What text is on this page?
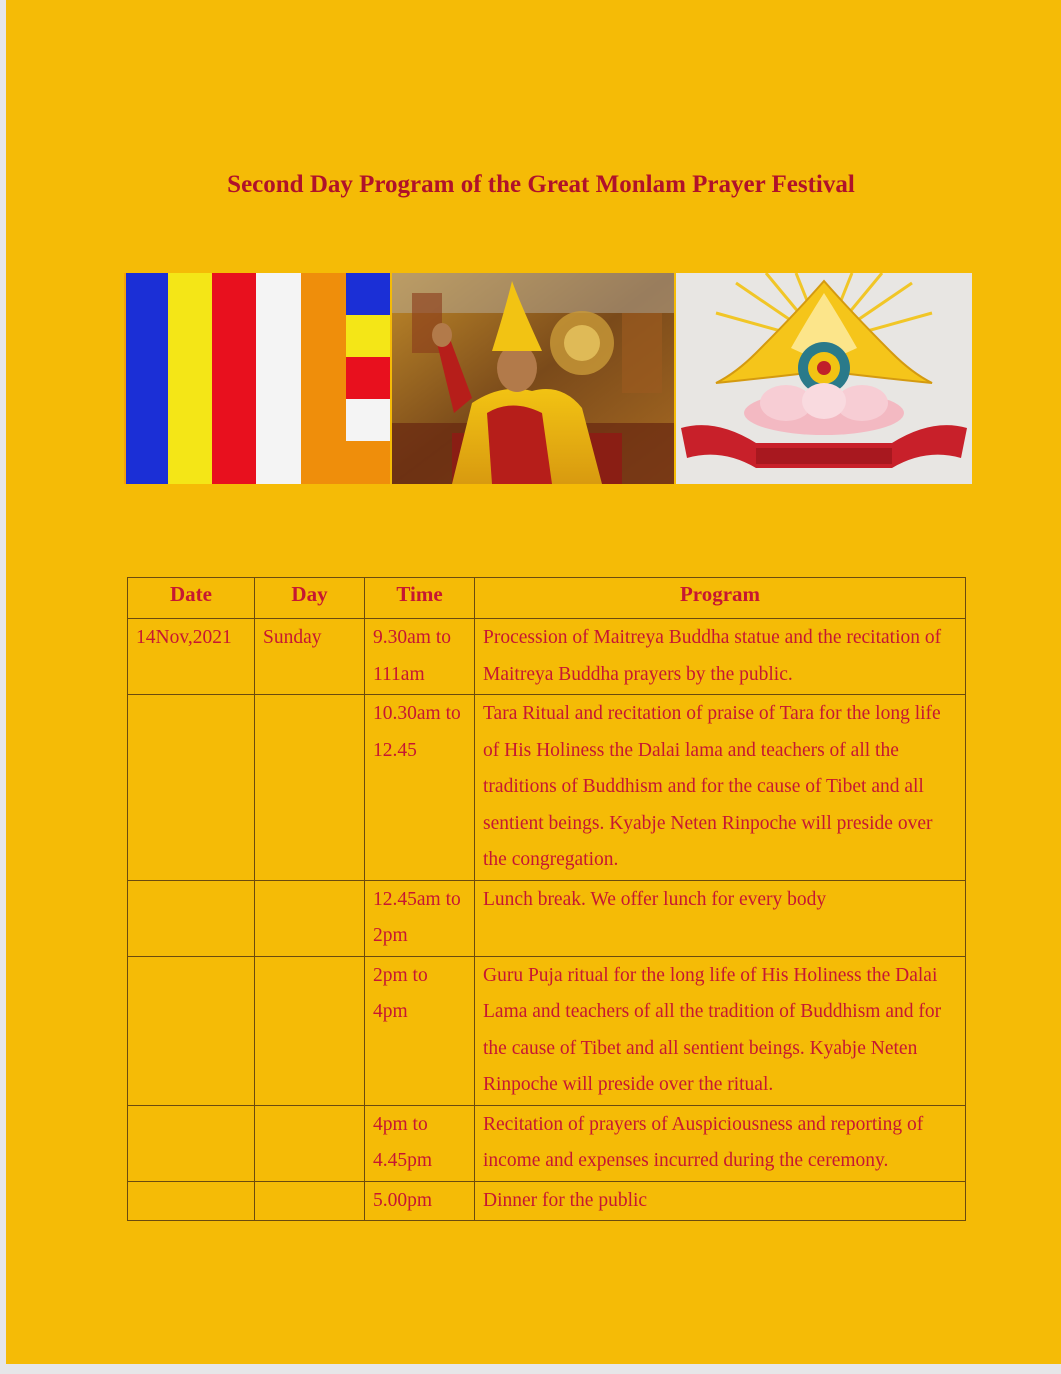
Second Day Program of the Great Monlam Prayer Festival
Date	Day	Time	Program
14Nov,2021	Sunday	9.30am to 111am	Procession of Maitreya Buddha statue and the recitation of Maitreya Buddha prayers by the public.
		10.30am to 12.45	Tara Ritual and recitation of praise of Tara for the long life of His Holiness the Dalai lama and teachers of all the traditions of Buddhism and for the cause of Tibet and all sentient beings. Kyabje Neten Rinpoche will preside over the congregation.
		12.45am to 2pm	Lunch break. We offer lunch for every body
		2pm to 4pm	Guru Puja ritual for the long life of His Holiness the Dalai Lama and teachers of all the tradition of Buddhism and for the cause of Tibet and all sentient beings. Kyabje Neten Rinpoche will preside over the ritual.
		4pm to 4.45pm	Recitation of prayers of Auspiciousness and reporting of income and expenses incurred during the ceremony.
		5.00pm	Dinner for the public
